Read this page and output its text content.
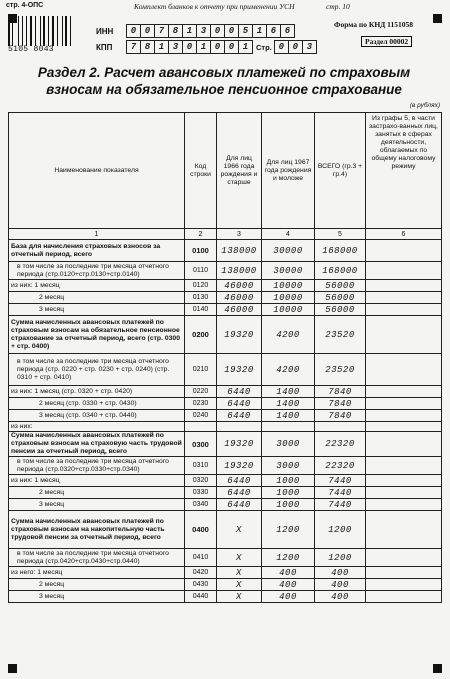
стр. 4-ОПС	Комплект бланков к отчету при применении УСН	стр. 10
5105 8043
ИНН	0 0 7 8 1 3 0 0 5 1 6 6
КПП	7 8 1 3 0 1 0 0 1	Стр. 0 0 3
Форма по КНД 1151058
Раздел 00002
Раздел 2. Расчет авансовых платежей по страховым взносам на обязательное пенсионное страхование
(в рублях)
Наименование показателя	Код строки	Для лиц 1966 года рождения и старше	Для лиц 1967 года рождения и моложе	ВСЕГО (гр.3 + гр.4)	Из графы 5, в части застрахо-ванных лиц, занятых в сферах деятельности, облагаемых по общему налоговому режиму
1	2	3	4	5	6
База для начисления страховых взносов за отчетный период, всего	0100	138000	30000	168000	
в том числе за последние три месяца отчетного периода (стр.0120+стр.0130+стр.0140)	0110	138000	30000	168000	
из них: 1 месяц	0120	46000	10000	56000	
2 месяц	0130	46000	10000	56000	
3 месяц	0140	46000	10000	56000	
Сумма начисленных авансовых платежей по страховым взносам на обязательное пенсионное страхование за отчетный период, всего (стр. 0300 + стр. 0400)	0200	19320	4200	23520	
в том числе за последние три месяца отчетного периода (стр. 0220 + стр. 0230 + стр. 0240) (стр. 0310 + стр. 0410)	0210	19320	4200	23520	
из них: 1 месяц (стр. 0320 + стр. 0420)	0220	6440	1400	7840	
2 месяц (стр. 0330 + стр. 0430)	0230	6440	1400	7840	
3 месяц (стр. 0340 + стр. 0440)	0240	6440	1400	7840	
из них:					
Сумма начисленных авансовых платежей по страховым взносам на страховую часть трудовой пенсии за отчетный период, всего	0300	19320	3000	22320	
в том числе за последние три месяца отчетного периода (стр.0320+стр.0330+стр.0340)	0310	19320	3000	22320	
из них: 1 месяц	0320	6440	1000	7440	
2 месяц	0330	6440	1000	7440	
3 месяц	0340	6440	1000	7440	
Сумма начисленных авансовых платежей по страховым взносам на накопительную часть трудовой пенсии за отчетный период, всего	0400	Х	1200	1200	
в том числе за последние три месяца отчетного периода (стр.0420+стр.0430+стр.0440)	0410	Х	1200	1200	
из него: 1 месяц	0420	Х	400	400	
2 месяц	0430	Х	400	400	
3 месяц	0440	Х	400	400	
